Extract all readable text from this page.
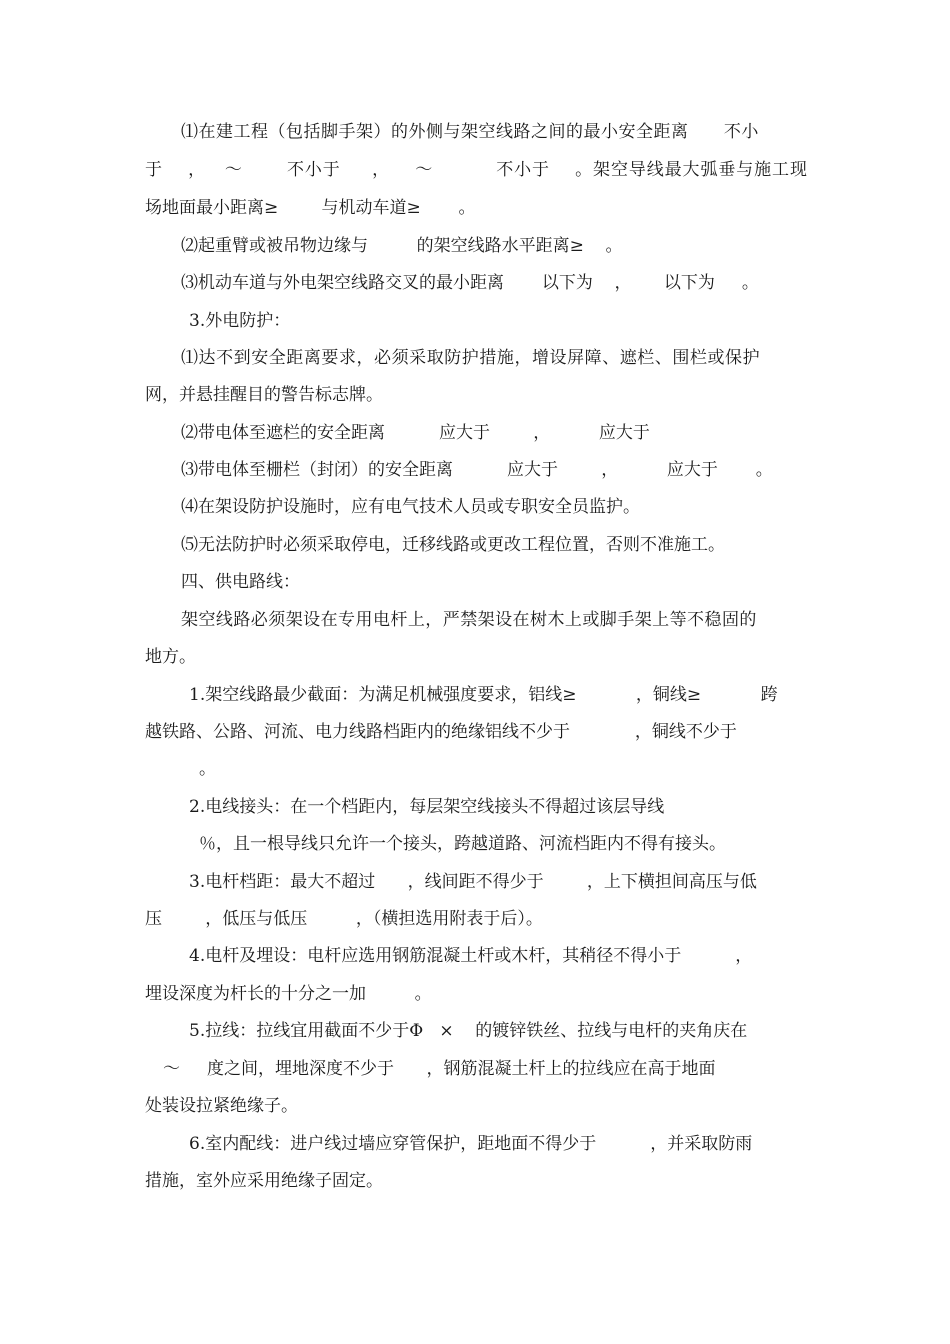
⑴在建工程（包括脚手架）的外侧与架空线路之间的最小安全距离      不小
于    ，   ～       不小于     ，    ～          不小于    。架空导线最大弧垂与施工现
场地面最小距离≥        与机动车道≥       。
⑵起重臂或被吊物边缘与         的架空线路水平距离≥    。
⑶机动车道与外电架空线路交叉的最小距离       以下为    ，      以下为     。
3.外电防护：
⑴达不到安全距离要求，必须采取防护措施，增设屏障、遮栏、围栏或保护
网，并悬挂醒目的警告标志牌。
⑵带电体至遮栏的安全距离          应大于        ，         应大于
⑶带电体至栅栏（封闭）的安全距离          应大于        ，         应大于       。
⑷在架设防护设施时，应有电气技术人员或专职安全员监护。
⑸无法防护时必须采取停电，迁移线路或更改工程位置，否则不准施工。
四、供电路线：
架空线路必须架设在专用电杆上，严禁架设在树木上或脚手架上等不稳固的
地方。
1.架空线路最少截面：为满足机械强度要求，铝线≥           ，铜线≥           跨
越铁路、公路、河流、电力线路档距内的绝缘铝线不少于            ，铜线不少于
。
2.电线接头：在一个档距内，每层架空线接头不得超过该层导线
％，且一根导线只允许一个接头，跨越道路、河流档距内不得有接头。
3.电杆档距：最大不超过      ，线间距不得少于        ，上下横担间高压与低
压        ，低压与低压         ，（横担选用附表于后）。
4.电杆及埋设：电杆应选用钢筋混凝土杆或木杆，其稍径不得小于          ，
埋设深度为杆长的十分之一加         。
5.拉线：拉线宜用截面不少于Φ   ×    的镀锌铁丝、拉线与电杆的夹角庆在
～     度之间，埋地深度不少于      ，钢筋混凝土杆上的拉线应在高于地面
处装设拉紧绝缘子。
6.室内配线：进户线过墙应穿管保护，距地面不得少于          ，并采取防雨
措施，室外应采用绝缘子固定。
